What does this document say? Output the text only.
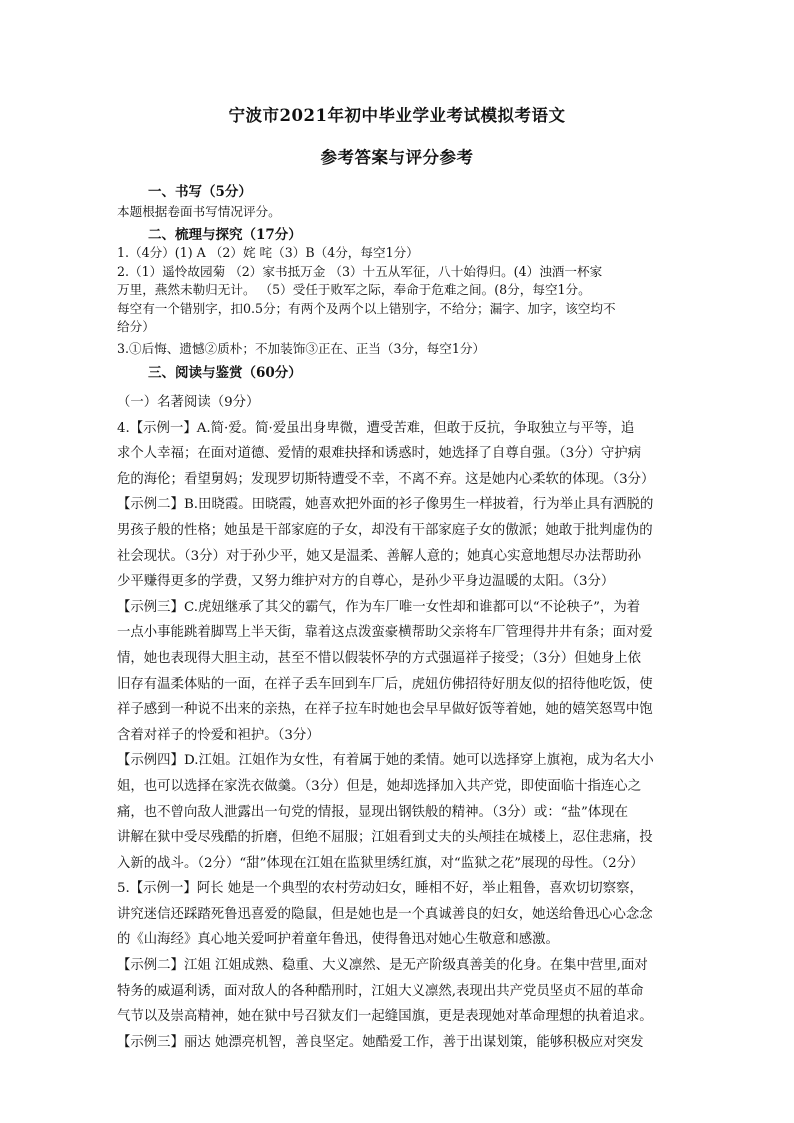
宁波市2021年初中毕业学业考试模拟考语文
参考答案与评分参考
一、书写（5分）

本题根据卷面书写情况评分。

二、梳理与探究（17分）

1.（4分）(1) A （2）姹 咤（3）B（4分，每空1分）

2.（1）遥怜故园菊 （2）家书抵万金 （3）十五从军征，八十始得归。(4）浊酒一杯家

万里，燕然未勒归无计。 （5）受任于败军之际，奉命于危难之间。(8分，每空1分。

每空有一个错别字，扣0.5分；有两个及两个以上错别字，不给分；漏字、加字，该空均不

给分）

3.①后悔、遗憾②质朴；不加装饰③正在、正当（3分，每空1分）

三、阅读与鉴赏（60分）

（一）名著阅读（9分）

4.【示例一】A.简·爱。简·爱虽出身卑微，遭受苦难，但敢于反抗，争取独立与平等，追

求个人幸福；在面对道德、爱情的艰难抉择和诱惑时，她选择了自尊自强。（3分）守护病

危的海伦；看望舅妈；发现罗切斯特遭受不幸，不离不弃。这是她内心柔软的体现。（3分）

【示例二】B.田晓霞。田晓霞，她喜欢把外面的衫子像男生一样披着，行为举止具有洒脱的

男孩子般的性格；她虽是干部家庭的子女，却没有干部家庭子女的傲派；她敢于批判虚伪的

社会现状。（3分）对于孙少平，她又是温柔、善解人意的；她真心实意地想尽办法帮助孙

少平赚得更多的学费，又努力维护对方的自尊心，是孙少平身边温暖的太阳。（3分）

【示例三】C.虎妞继承了其父的霸气，作为车厂唯一女性却和谁都可以“不论秧子”，为着

一点小事能跳着脚骂上半天街，靠着这点泼蛮豪横帮助父亲将车厂管理得井井有条；面对爱

情，她也表现得大胆主动，甚至不惜以假装怀孕的方式强逼祥子接受；（3分）但她身上依

旧存有温柔体贴的一面，在祥子丢车回到车厂后，虎妞仿佛招待好朋友似的招待他吃饭，使

祥子感到一种说不出来的亲热，在祥子拉车时她也会早早做好饭等着她，她的嬉笑怒骂中饱

含着对祥子的怜爱和袒护。（3分）

【示例四】D.江姐。江姐作为女性，有着属于她的柔情。她可以选择穿上旗袍，成为名大小

姐，也可以选择在家洗衣做羹。（3分）但是，她却选择加入共产党，即使面临十指连心之

痛，也不曾向敌人泄露出一句党的情报，显现出钢铁般的精神。（3分）或：“盐”体现在

讲解在狱中受尽残酷的折磨，但绝不屈服；江姐看到丈夫的头颅挂在城楼上，忍住悲痛，投

入新的战斗。（2分）“甜”体现在江姐在监狱里绣红旗，对“监狱之花”展现的母性。（2分）

5.【示例一】阿长 她是一个典型的农村劳动妇女，睡相不好，举止粗鲁，喜欢切切察察，

讲究迷信还踩踏死鲁迅喜爱的隐鼠，但是她也是一个真诚善良的妇女，她送给鲁迅心心念念

的《山海经》真心地关爱呵护着童年鲁迅，使得鲁迅对她心生敬意和感激。

【示例二】江姐 江姐成熟、稳重、大义凛然、是无产阶级真善美的化身。在集中营里,面对

特务的威逼利诱，面对敌人的各种酷刑时，江姐大义凛然,表现出共产党员坚贞不屈的革命

气节以及崇高精神，她在狱中号召狱友们一起缝国旗，更是表现她对革命理想的执着追求。

【示例三】丽达 她漂亮机智，善良坚定。她酷爱工作，善于出谋划策，能够积极应对突发
